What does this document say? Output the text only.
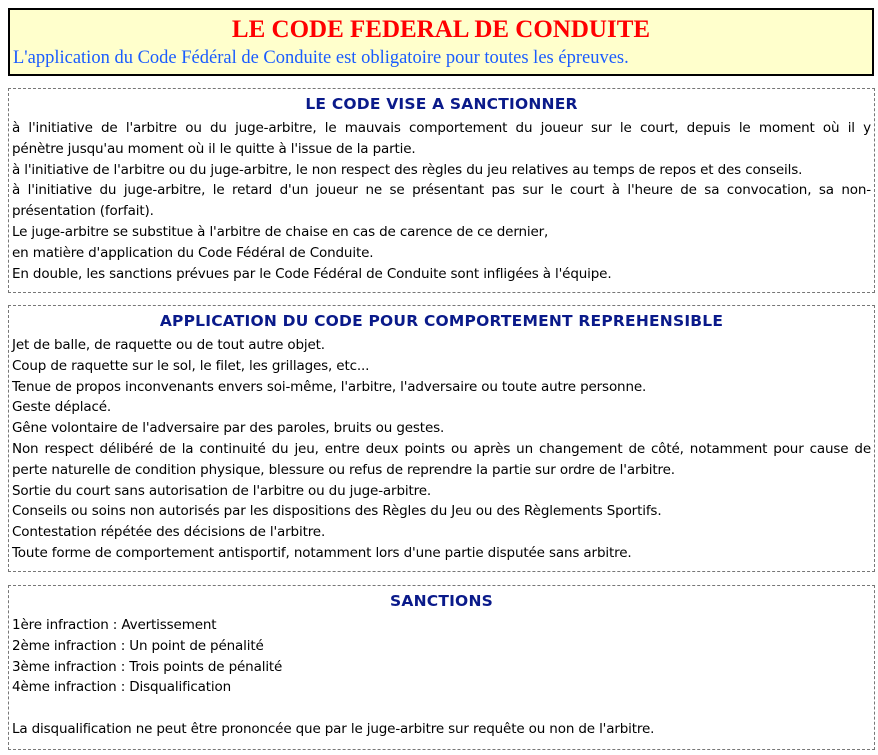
LE CODE FEDERAL DE CONDUITE
L'application du Code Fédéral de Conduite est obligatoire pour toutes les épreuves.
LE CODE VISE A SANCTIONNER
à l'initiative de l'arbitre ou du juge-arbitre, le mauvais comportement du joueur sur le court, depuis le moment où il y
pénètre jusqu'au moment où il le quitte à l'issue de la partie.
à l'initiative de l'arbitre ou du juge-arbitre, le non respect des règles du jeu relatives au temps de repos et des conseils.
à l'initiative du juge-arbitre, le retard d'un joueur ne se présentant pas sur le court à l'heure de sa convocation, sa non-
présentation (forfait).
Le juge-arbitre se substitue à l'arbitre de chaise en cas de carence de ce dernier,
en matière d'application du Code Fédéral de Conduite.
En double, les sanctions prévues par le Code Fédéral de Conduite sont infligées à l'équipe.
APPLICATION DU CODE POUR COMPORTEMENT REPREHENSIBLE
Jet de balle, de raquette ou de tout autre objet.
Coup de raquette sur le sol, le filet, les grillages, etc...
Tenue de propos inconvenants envers soi-même, l'arbitre, l'adversaire ou toute autre personne.
Geste déplacé.
Gêne volontaire de l'adversaire par des paroles, bruits ou gestes.
Non respect délibéré de la continuité du jeu, entre deux points ou après un changement de côté, notamment pour cause de
perte naturelle de condition physique, blessure ou refus de reprendre la partie sur ordre de l'arbitre.
Sortie du court sans autorisation de l'arbitre ou du juge-arbitre.
Conseils ou soins non autorisés par les dispositions des Règles du Jeu ou des Règlements Sportifs.
Contestation répétée des décisions de l'arbitre.
Toute forme de comportement antisportif, notamment lors d'une partie disputée sans arbitre.
SANCTIONS
1ère infraction : Avertissement
2ème infraction : Un point de pénalité
3ème infraction : Trois points de pénalité
4ème infraction : Disqualification
La disqualification ne peut être prononcée que par le juge-arbitre sur requête ou non de l'arbitre.
